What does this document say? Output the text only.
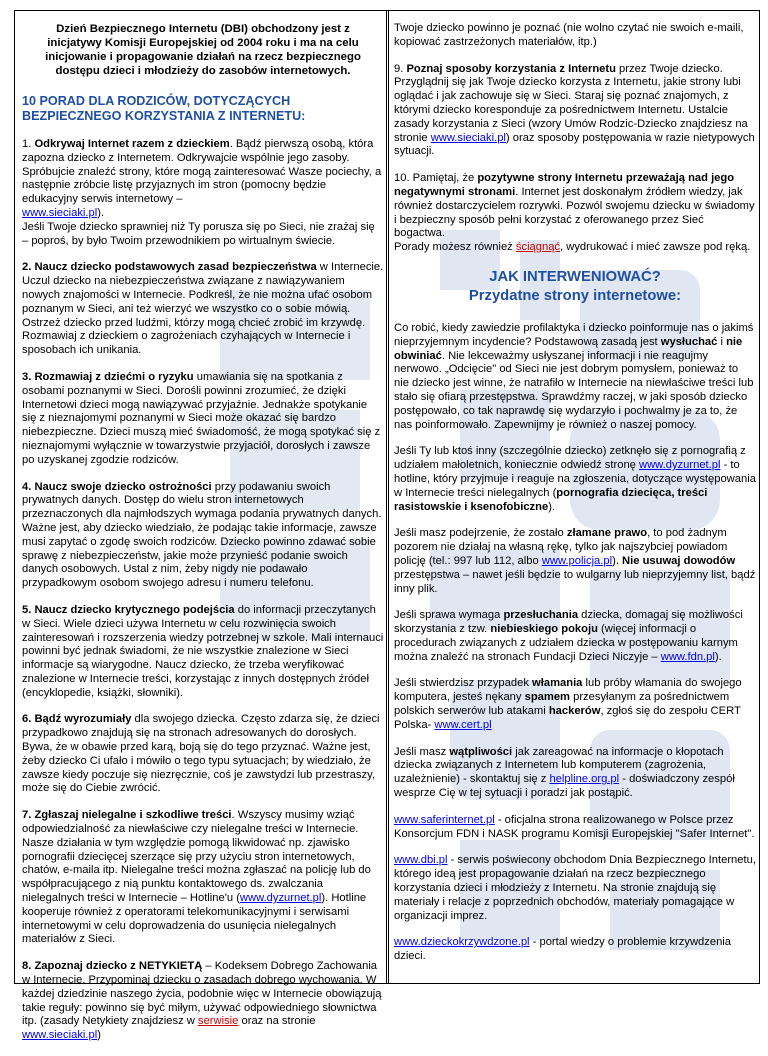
Dzień Bezpiecznego Internetu (DBI) obchodzony jest z inicjatywy Komisji Europejskiej od 2004 roku i ma na celu inicjowanie i propagowanie działań na rzecz bezpiecznego dostępu dzieci i młodzieży do zasobów internetowych.
10 PORAD DLA RODZICÓW, DOTYCZĄCYCH BEZPIECZNEGO KORZYSTANIA Z INTERNETU:

1. Odkrywaj Internet razem z dzieckiem. Bądź pierwszą osobą, która zapozna dziecko z Internetem. Odkrywajcie wspólnie jego zasoby. Spróbujcie znaleźć strony, które mogą zainteresować Wasze pociechy, a następnie zróbcie listę przyjaznych im stron (pomocny będzie edukacyjny serwis internetowy –
www.sieciaki.pl).
Jeśli Twoje dziecko sprawniej niż Ty porusza się po Sieci, nie zrażaj się – poproś, by było Twoim przewodnikiem po wirtualnym świecie.

2. Naucz dziecko podstawowych zasad bezpieczeństwa w Internecie. Uczul dziecko na niebezpieczeństwa związane z nawiązywaniem nowych znajomości w Internecie. Podkreśl, że nie można ufać osobom poznanym w Sieci, ani też wierzyć we wszystko co o sobie mówią. Ostrzeż dziecko przed ludźmi, którzy mogą chcieć zrobić im krzywdę. Rozmawiaj z dzieckiem o zagrożeniach czyhających w Internecie i sposobach ich unikania.

3. Rozmawiaj z dziećmi o ryzyku umawiania się na spotkania z osobami poznanymi w Sieci. Dorośli powinni zrozumieć, że dzięki Internetowi dzieci mogą nawiązywać przyjaźnie. Jednakże spotykanie się z nieznajomymi poznanymi w Sieci może okazać się bardzo niebezpieczne. Dzieci muszą mieć świadomość, że mogą spotykać się z nieznajomymi wyłącznie w towarzystwie przyjaciół, dorosłych i zawsze po uzyskanej zgodzie rodziców.

4. Naucz swoje dziecko ostrożności przy podawaniu swoich prywatnych danych. Dostęp do wielu stron internetowych przeznaczonych dla najmłodszych wymaga podania prywatnych danych. Ważne jest, aby dziecko wiedziało, że podając takie informacje, zawsze musi zapytać o zgodę swoich rodziców. Dziecko powinno zdawać sobie sprawę z niebezpieczeństw, jakie może przynieść podanie swoich danych osobowych. Ustal z nim, żeby nigdy nie podawało przypadkowym osobom swojego adresu i numeru telefonu.

5. Naucz dziecko krytycznego podejścia do informacji przeczytanych w Sieci. Wiele dzieci używa Internetu w celu rozwinięcia swoich zainteresowań i rozszerzenia wiedzy potrzebnej w szkole. Mali internauci powinni być jednak świadomi, że nie wszystkie znalezione w Sieci informacje są wiarygodne. Naucz dziecko, że trzeba weryfikować znalezione w Internecie treści, korzystając z innych dostępnych źródeł (encyklopedie, książki, słowniki).

6. Bądź wyrozumiały dla swojego dziecka. Często zdarza się, że dzieci przypadkowo znajdują się na stronach adresowanych do dorosłych. Bywa, że w obawie przed karą, boją się do tego przyznać. Ważne jest, żeby dziecko Ci ufało i mówiło o tego typu sytuacjach; by wiedziało, że zawsze kiedy poczuje się niezręcznie, coś je zawstydzi lub przestraszy, może się do Ciebie zwrócić.

7. Zgłaszaj nielegalne i szkodliwe treści. Wszyscy musimy wziąć odpowiedzialność za niewłaściwe czy nielegalne treści w Internecie. Nasze działania w tym względzie pomogą likwidować np. zjawisko pornografii dziecięcej szerzące się przy użyciu stron internetowych, chatów, e-maila itp. Nielegalne treści można zgłaszać na policję lub do współpracującego z nią punktu kontaktowego ds. zwalczania nielegalnych treści w Internecie – Hotline'u (www.dyzurnet.pl). Hotline kooperuje również z operatorami telekomunikacyjnymi i serwisami internetowymi w celu doprowadzenia do usunięcia nielegalnych materiałów z Sieci.

8. Zapoznaj dziecko z NETYKIETĄ – Kodeksem Dobrego Zachowania w Internecie. Przypominaj dziecku o zasadach dobrego wychowania. W każdej dziedzinie naszego życia, podobnie więc w Internecie obowiązują takie reguły: powinno się być miłym, używać odpowiedniego słownictwa itp. (zasady Netykiety znajdziesz w serwisie oraz na stronie www.sieciaki.pl)

Twoje dziecko powinno je poznać (nie wolno czytać nie swoich e-maili, kopiować zastrzeżonych materiałów, itp.)

9. Poznaj sposoby korzystania z Internetu przez Twoje dziecko. Przyglądnij się jak Twoje dziecko korzysta z Internetu, jakie strony lubi oglądać i jak zachowuje się w Sieci. Staraj się poznać znajomych, z którymi dziecko koresponduje za pośrednictwem Internetu. Ustalcie zasady korzystania z Sieci (wzory Umów Rodzic-Dziecko znajdziesz na stronie www.sieciaki.pl) oraz sposoby postępowania w razie nietypowych sytuacji.

10. Pamiętaj, że pozytywne strony Internetu przeważają nad jego negatywnymi stronami. Internet jest doskonałym źródłem wiedzy, jak również dostarczycielem rozrywki. Pozwól swojemu dziecku w świadomy i bezpieczny sposób pełni korzystać z oferowanego przez Sieć bogactwa.
Porady możesz również ściągnąć, wydrukować i mieć zawsze pod ręką.

JAK INTERWENIOWAĆ?
Przydatne strony internetowe:

Co robić, kiedy zawiedzie profilaktyka i dziecko poinformuje nas o jakimś nieprzyjemnym incydencie? Podstawową zasadą jest wysłuchać i nie obwiniać. Nie lekceważmy usłyszanej informacji i nie reagujmy nerwowo. „Odcięcie" od Sieci nie jest dobrym pomysłem, ponieważ to nie dziecko jest winne, że natrafiło w Internecie na niewłaściwe treści lub stało się ofiarą przestępstwa. Sprawdźmy raczej, w jaki sposób dziecko postępowało, co tak naprawdę się wydarzyło i pochwalmy je za to, że nas poinformowało. Zapewnijmy je również o naszej pomocy.

Jeśli Ty lub ktoś inny (szczególnie dziecko) zetknęło się z pornografią z udziałem małoletnich, koniecznie odwiedź stronę www.dyzurnet.pl - to hotline, który przyjmuje i reaguje na zgłoszenia, dotyczące występowania w Internecie treści nielegalnych (pornografia dziecięca, treści rasistowskie i ksenofobiczne).

Jeśli masz podejrzenie, że zostało złamane prawo, to pod żadnym pozorem nie działaj na własną rękę, tylko jak najszybciej powiadom policję (tel.: 997 lub 112, albo www.policja.pl). Nie usuwaj dowodów przestępstwa – nawet jeśli będzie to wulgarny lub nieprzyjemny list, bądź inny plik.

Jeśli sprawa wymaga przesłuchania dziecka, domagaj się możliwości skorzystania z tzw. niebieskiego pokoju (więcej informacji o procedurach związanych z udziałem dziecka w postępowaniu karnym można znaleźć na stronach Fundacji Dzieci Niczyje – www.fdn.pl).

Jeśli stwierdzisz przypadek włamania lub próby włamania do swojego komputera, jesteś nękany spamem przesyłanym za pośrednictwem polskich serwerów lub atakami hackerów, zgłoś się do zespołu CERT Polska- www.cert.pl

Jeśli masz wątpliwości jak zareagować na informacje o kłopotach dziecka związanych z Internetem lub komputerem (zagrożenia, uzależnienie) - skontaktuj się z helpline.org.pl - doświadczony zespół wesprze Cię w tej sytuacji i poradzi jak postąpić.

www.saferinternet.pl - oficjalna strona realizowanego w Polsce przez Konsorcjum FDN i NASK programu Komisji Europejskiej "Safer Internet".

www.dbi.pl - serwis poświecony obchodom Dnia Bezpiecznego Internetu, którego ideą jest propagowanie działań na rzecz bezpiecznego korzystania dzieci i młodzieży z Internetu. Na stronie znajdują się materiały i relacje z poprzednich obchodów, materiały pomagające w organizacji imprez.

www.dzieckokrzywdzone.pl - portal wiedzy o problemie krzywdzenia dzieci.
